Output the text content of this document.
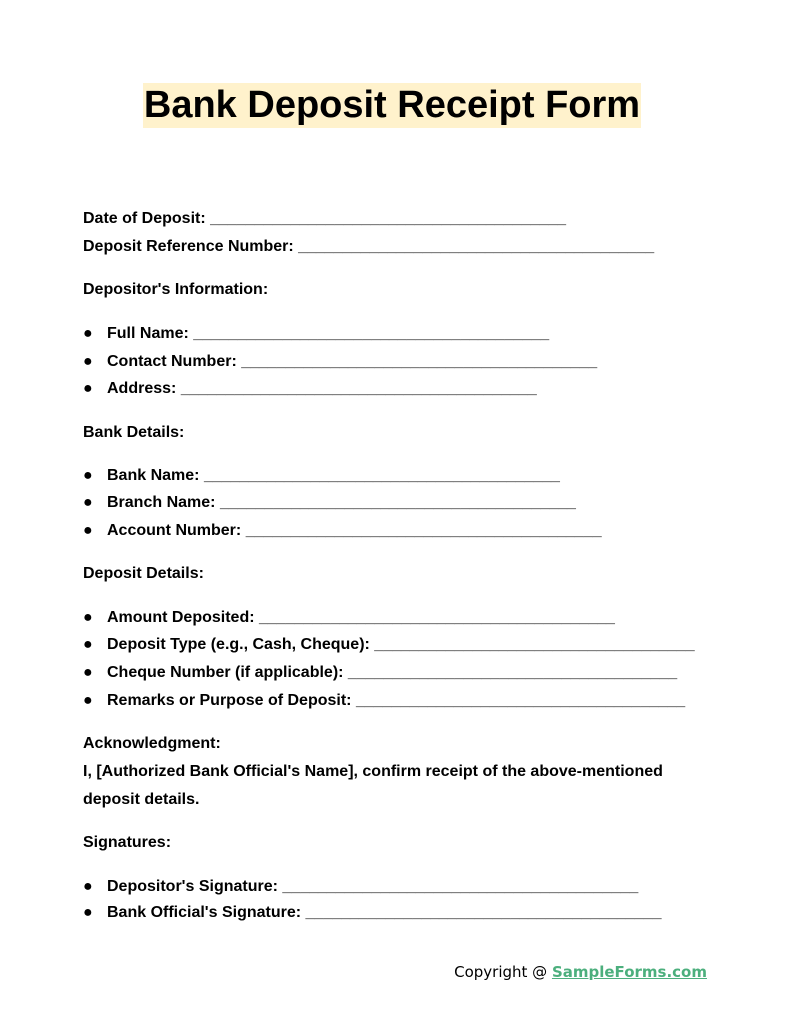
Bank Deposit Receipt Form
Date of Deposit: ________________________________________
Deposit Reference Number: ________________________________________
Depositor's Information:
● Full Name: ________________________________________
● Contact Number: ________________________________________
● Address: ________________________________________
Bank Details:
● Bank Name: ________________________________________
● Branch Name: ________________________________________
● Account Number: ________________________________________
Deposit Details:
● Amount Deposited: ________________________________________
● Deposit Type (e.g., Cash, Cheque): ____________________________________
● Cheque Number (if applicable): _____________________________________
● Remarks or Purpose of Deposit: _____________________________________
Acknowledgment:
I, [Authorized Bank Official's Name], confirm receipt of the above-mentioned deposit details.
Signatures:
● Depositor's Signature: ________________________________________
● Bank Official's Signature: ________________________________________
Copyright @ SampleForms.com
